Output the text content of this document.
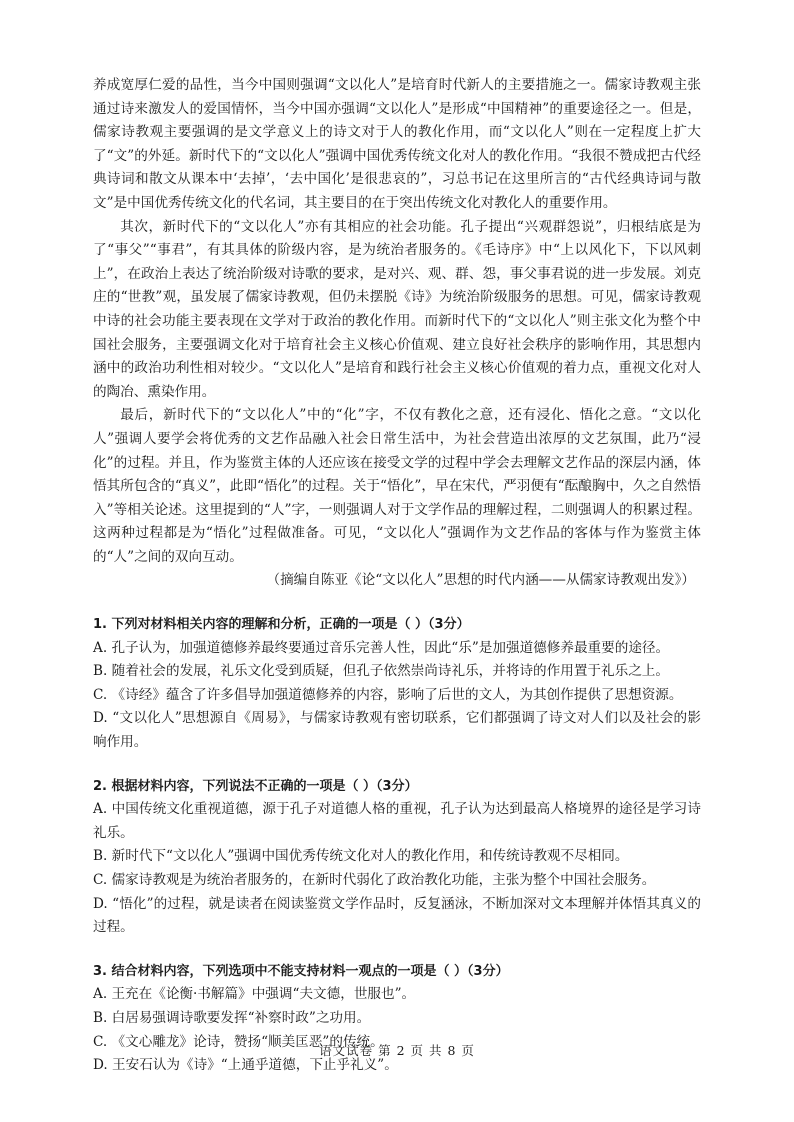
养成宽厚仁爱的品性，当今中国则强调“文以化人”是培育时代新人的主要措施之一。儒家诗教观主张通过诗来激发人的爱国情怀，当今中国亦强调“文以化人”是形成“中国精神”的重要途径之一。但是，儒家诗教观主要强调的是文学意义上的诗文对于人的教化作用，而“文以化人”则在一定程度上扩大了“文”的外延。新时代下的“文以化人”强调中国优秀传统文化对人的教化作用。“我很不赞成把古代经典诗词和散文从课本中‘去掉’，‘去中国化’是很悲哀的”，习总书记在这里所言的“古代经典诗词与散文”是中国优秀传统文化的代名词，其主要目的在于突出传统文化对教化人的重要作用。

其次，新时代下的“文以化人”亦有其相应的社会功能。孔子提出“兴观群怨说”，归根结底是为了“事父”“事君”，有其具体的阶级内容，是为统治者服务的。《毛诗序》中“上以风化下，下以风刺上”，在政治上表达了统治阶级对诗歌的要求，是对兴、观、群、怨，事父事君说的进一步发展。刘克庄的“世教”观，虽发展了儒家诗教观，但仍未摆脱《诗》为统治阶级服务的思想。可见，儒家诗教观中诗的社会功能主要表现在文学对于政治的教化作用。而新时代下的“文以化人”则主张文化为整个中国社会服务，主要强调文化对于培育社会主义核心价值观、建立良好社会秩序的影响作用，其思想内涵中的政治功利性相对较少。“文以化人”是培育和践行社会主义核心价值观的着力点，重视文化对人的陶冶、熏染作用。

最后，新时代下的“文以化人”中的“化”字，不仅有教化之意，还有浸化、悟化之意。“文以化人”强调人要学会将优秀的文艺作品融入社会日常生活中，为社会营造出浓厚的文艺氛围，此乃“浸化”的过程。并且，作为鉴赏主体的人还应该在接受文学的过程中学会去理解文艺作品的深层内涵，体悟其所包含的“真义”，此即“悟化”的过程。关于“悟化”，早在宋代，严羽便有“酝酿胸中，久之自然悟入”等相关论述。这里提到的“人”字，一则强调人对于文学作品的理解过程，二则强调人的积累过程。这两种过程都是为“悟化”过程做准备。可见，“文以化人”强调作为文艺作品的客体与作为鉴赏主体的“人”之间的双向互动。

（摘编自陈亚《论“文以化人”思想的时代内涵——从儒家诗教观出发》）

1. 下列对材料相关内容的理解和分析，正确的一项是（ ）（3分）

A. 孔子认为，加强道德修养最终要通过音乐完善人性，因此“乐”是加强道德修养最重要的途径。

B. 随着社会的发展，礼乐文化受到质疑，但孔子依然崇尚诗礼乐，并将诗的作用置于礼乐之上。

C. 《诗经》蕴含了许多倡导加强道德修养的内容，影响了后世的文人，为其创作提供了思想资源。

D. “文以化人”思想源自《周易》，与儒家诗教观有密切联系，它们都强调了诗文对人们以及社会的影响作用。

2. 根据材料内容，下列说法不正确的一项是（ ）（3分）

A. 中国传统文化重视道德，源于孔子对道德人格的重视，孔子认为达到最高人格境界的途径是学习诗礼乐。

B. 新时代下“文以化人”强调中国优秀传统文化对人的教化作用，和传统诗教观不尽相同。

C. 儒家诗教观是为统治者服务的，在新时代弱化了政治教化功能，主张为整个中国社会服务。

D. “悟化”的过程，就是读者在阅读鉴赏文学作品时，反复涵泳，不断加深对文本理解并体悟其真义的过程。

3. 结合材料内容，下列选项中不能支持材料一观点的一项是（ ）（3分）

A. 王充在《论衡·书解篇》中强调“夫文德，世服也”。

B. 白居易强调诗歌要发挥“补察时政”之功用。

C. 《文心雕龙》论诗，赞扬“顺美匡恶”的传统。

D. 王安石认为《诗》“上通乎道德，下止乎礼义”。

语文试卷 第 2 页 共 8 页
